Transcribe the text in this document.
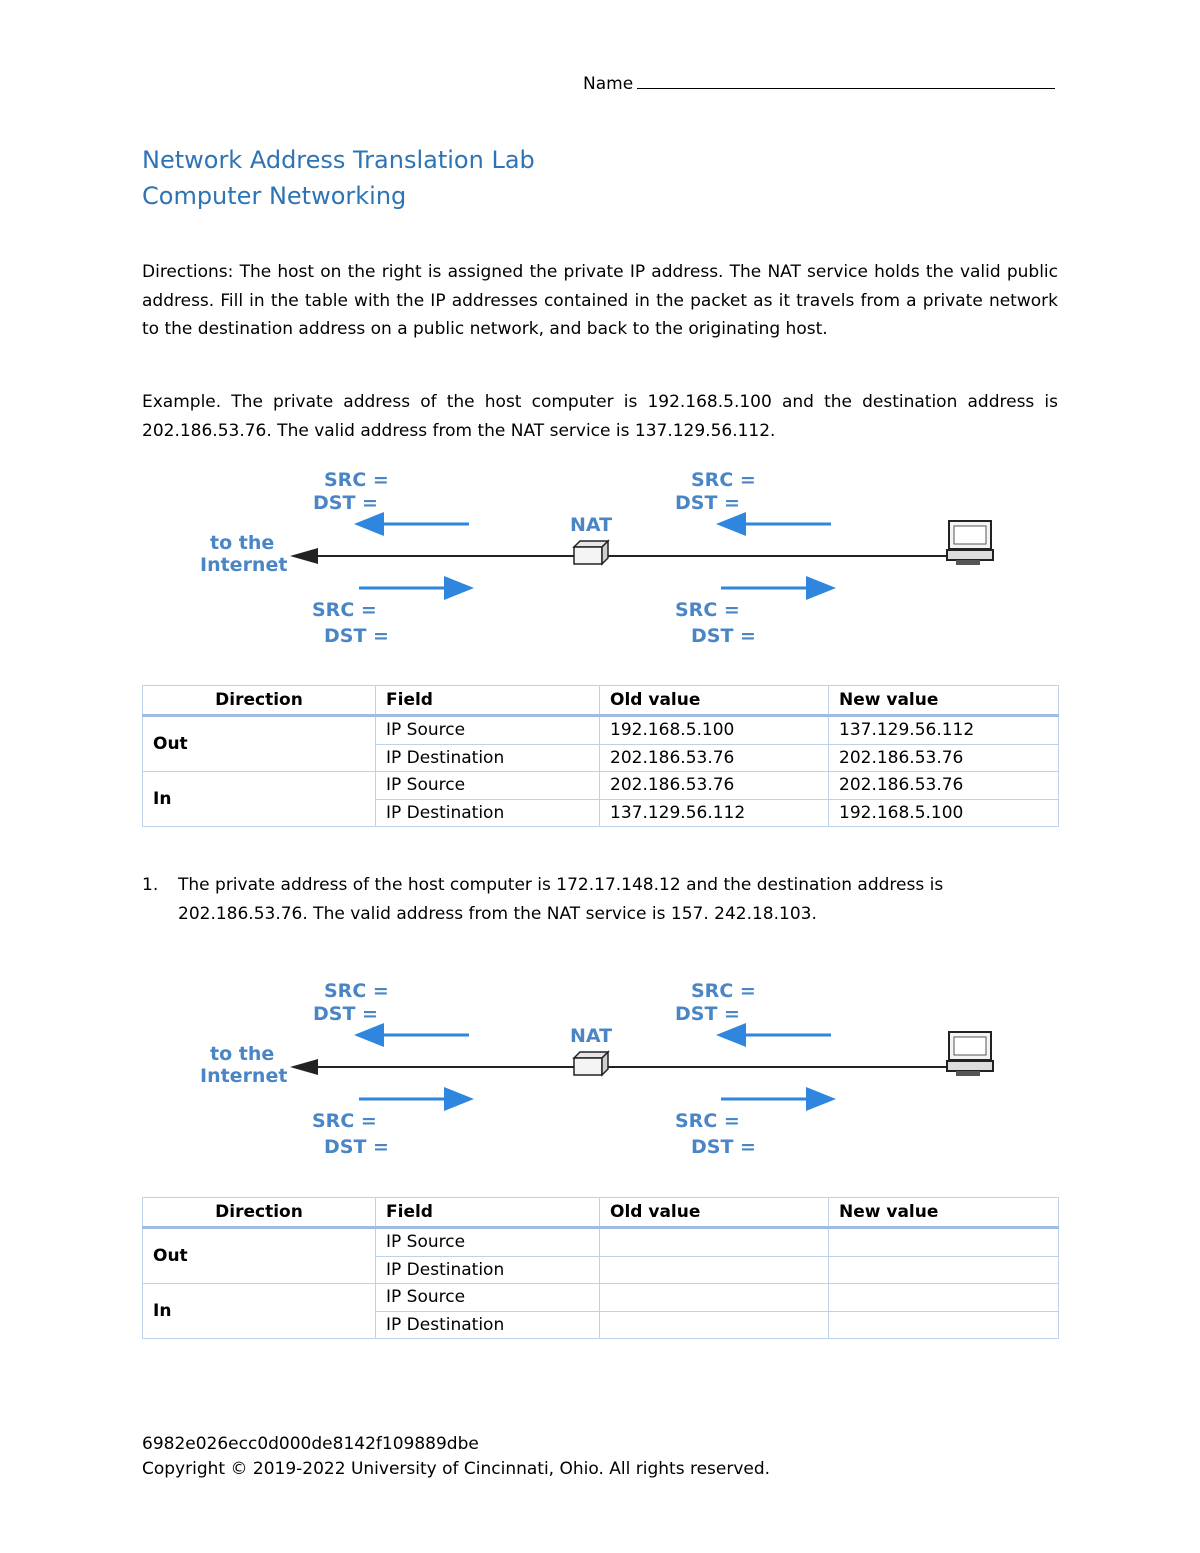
Name
Network Address Translation Lab
Computer Networking
Directions: The host on the right is assigned the private IP address. The NAT service holds the valid public address. Fill in the table with the IP addresses contained in the packet as it travels from a private network to the destination address on a public network, and back to the originating host.
Example. The private address of the host computer is 192.168.5.100 and the destination address is 202.186.53.76. The valid address from the NAT service is 137.129.56.112.
to the
Internet
NAT
SRC =
DST =
SRC =
DST =
SRC =
DST =
SRC =
DST =
Direction	Field	Old value	New value
Out	IP Source	192.168.5.100	137.129.56.112
	IP Destination	202.186.53.76	202.186.53.76
In	IP Source	202.186.53.76	202.186.53.76
	IP Destination	137.129.56.112	192.168.5.100
1. The private address of the host computer is 172.17.148.12 and the destination address is 202.186.53.76. The valid address from the NAT service is 157. 242.18.103.
to the
Internet
NAT
SRC =
DST =
SRC =
DST =
SRC =
DST =
SRC =
DST =
Direction	Field	Old value	New value
Out	IP Source		
	IP Destination		
In	IP Source		
	IP Destination		
6982e026ecc0d000de8142f109889dbe
Copyright © 2019-2022 University of Cincinnati, Ohio. All rights reserved.
